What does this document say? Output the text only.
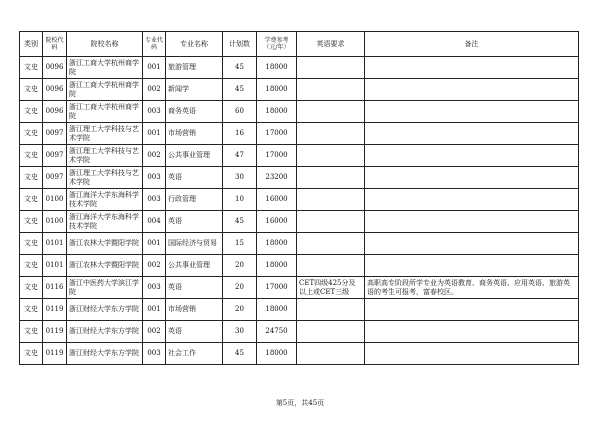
类别	院校代码	院校名称	专业代码	专业名称	计划数	学费参考（元/年）	英语要求	备注
文史	0096	浙江工商大学杭州商学院	001	旅游管理	45	18000		
文史	0096	浙江工商大学杭州商学院	002	新闻学	45	18000		
文史	0096	浙江工商大学杭州商学院	003	商务英语	60	18000		
文史	0097	浙江理工大学科技与艺术学院	001	市场营销	16	17000		
文史	0097	浙江理工大学科技与艺术学院	002	公共事业管理	47	17000		
文史	0097	浙江理工大学科技与艺术学院	003	英语	30	23200		
文史	0100	浙江海洋大学东海科学技术学院	003	行政管理	10	16000		
文史	0100	浙江海洋大学东海科学技术学院	004	英语	45	16000		
文史	0101	浙江农林大学暨阳学院	001	国际经济与贸易	15	18000		
文史	0101	浙江农林大学暨阳学院	002	公共事业管理	20	18000		
文史	0116	浙江中医药大学滨江学院	003	英语	20	17000	CET四级425分及以上或CET三级	高职高专阶段所学专业为英语教育、商务英语、应用英语、旅游英语的考生可报考，富春校区。
文史	0119	浙江财经大学东方学院	001	市场营销	20	18000		
文史	0119	浙江财经大学东方学院	002	英语	30	24750		
文史	0119	浙江财经大学东方学院	003	社会工作	45	18000		
第5页，共45页
